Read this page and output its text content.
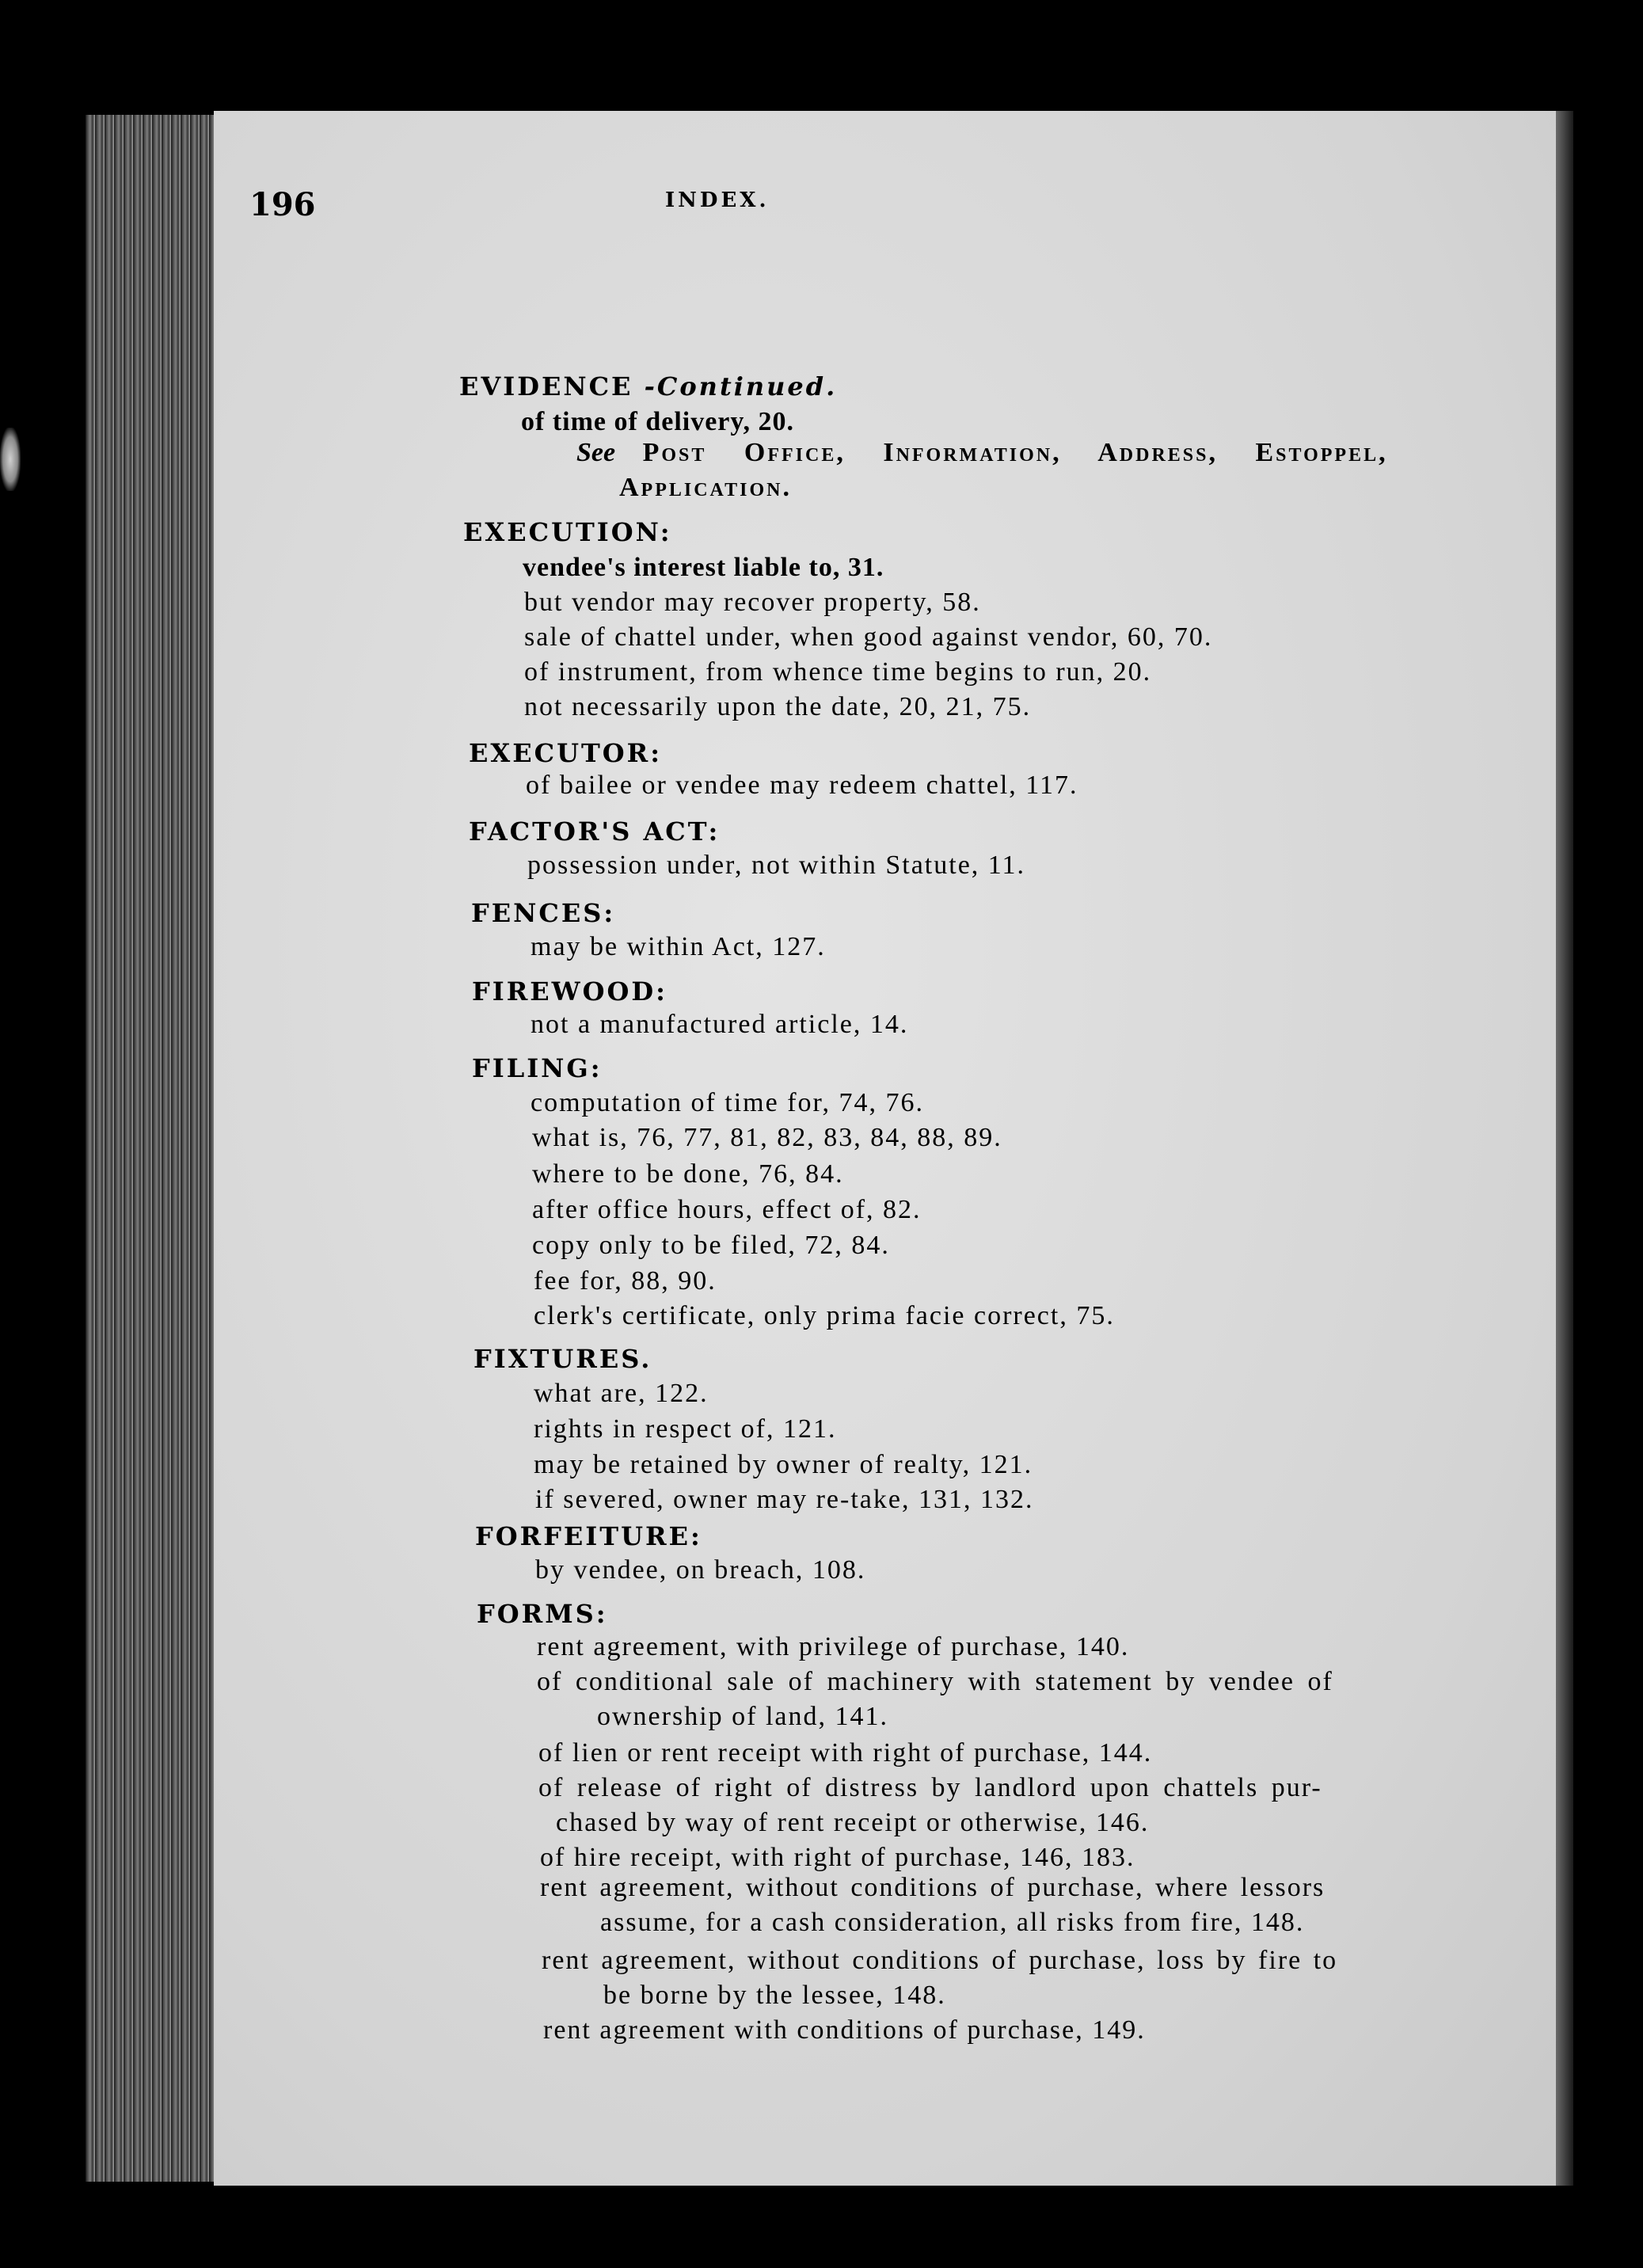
196	INDEX.
EVIDENCE -Continued.
of time of delivery, 20.
See Post Office, Information, Address, Estoppel,
Application.
EXECUTION:
vendee's interest liable to, 31.
but vendor may recover property, 58.
sale of chattel under, when good against vendor, 60, 70.
of instrument, from whence time begins to run, 20.
not necessarily upon the date, 20, 21, 75.
EXECUTOR:
of bailee or vendee may redeem chattel, 117.
FACTOR'S ACT:
possession under, not within Statute, 11.
FENCES:
may be within Act, 127.
FIREWOOD:
not a manufactured article, 14.
FILING:
computation of time for, 74, 76.
what is, 76, 77, 81, 82, 83, 84, 88, 89.
where to be done, 76, 84.
after office hours, effect of, 82.
copy only to be filed, 72, 84.
fee for, 88, 90.
clerk's certificate, only prima facie correct, 75.
FIXTURES.
what are, 122.
rights in respect of, 121.
may be retained by owner of realty, 121.
if severed, owner may re-take, 131, 132.
FORFEITURE:
by vendee, on breach, 108.
FORMS:
rent agreement, with privilege of purchase, 140.
of conditional sale of machinery with statement by vendee of
ownership of land, 141.
of lien or rent receipt with right of purchase, 144.
of release of right of distress by landlord upon chattels pur-
chased by way of rent receipt or otherwise, 146.
of hire receipt, with right of purchase, 146, 183.
rent agreement, without conditions of purchase, where lessors
assume, for a cash consideration, all risks from fire, 148.
rent agreement, without conditions of purchase, loss by fire to
be borne by the lessee, 148.
rent agreement with conditions of purchase, 149.
